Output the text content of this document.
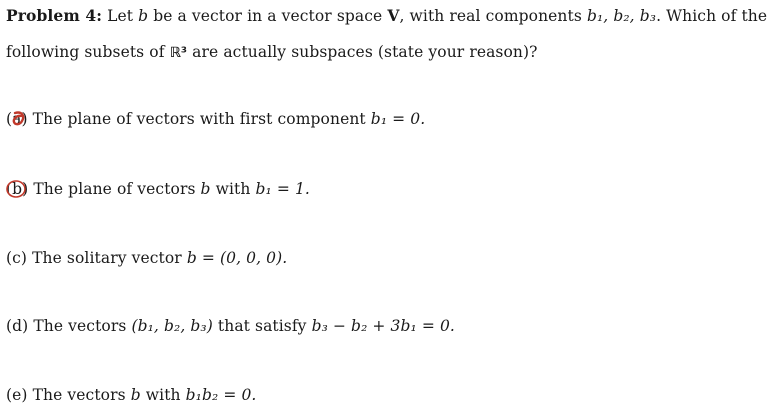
Problem 4: Let b be a vector in a vector space V, with real components b₁, b₂, b₃. Which of the
following subsets of ℝ³ are actually subspaces (state your reason)?
(a) The plane of vectors with first component b₁ = 0.
(b) The plane of vectors b with b₁ = 1.
(c) The solitary vector b = (0, 0, 0).
(d) The vectors (b₁, b₂, b₃) that satisfy b₃ − b₂ + 3b₁ = 0.
(e) The vectors b with b₁b₂ = 0.
